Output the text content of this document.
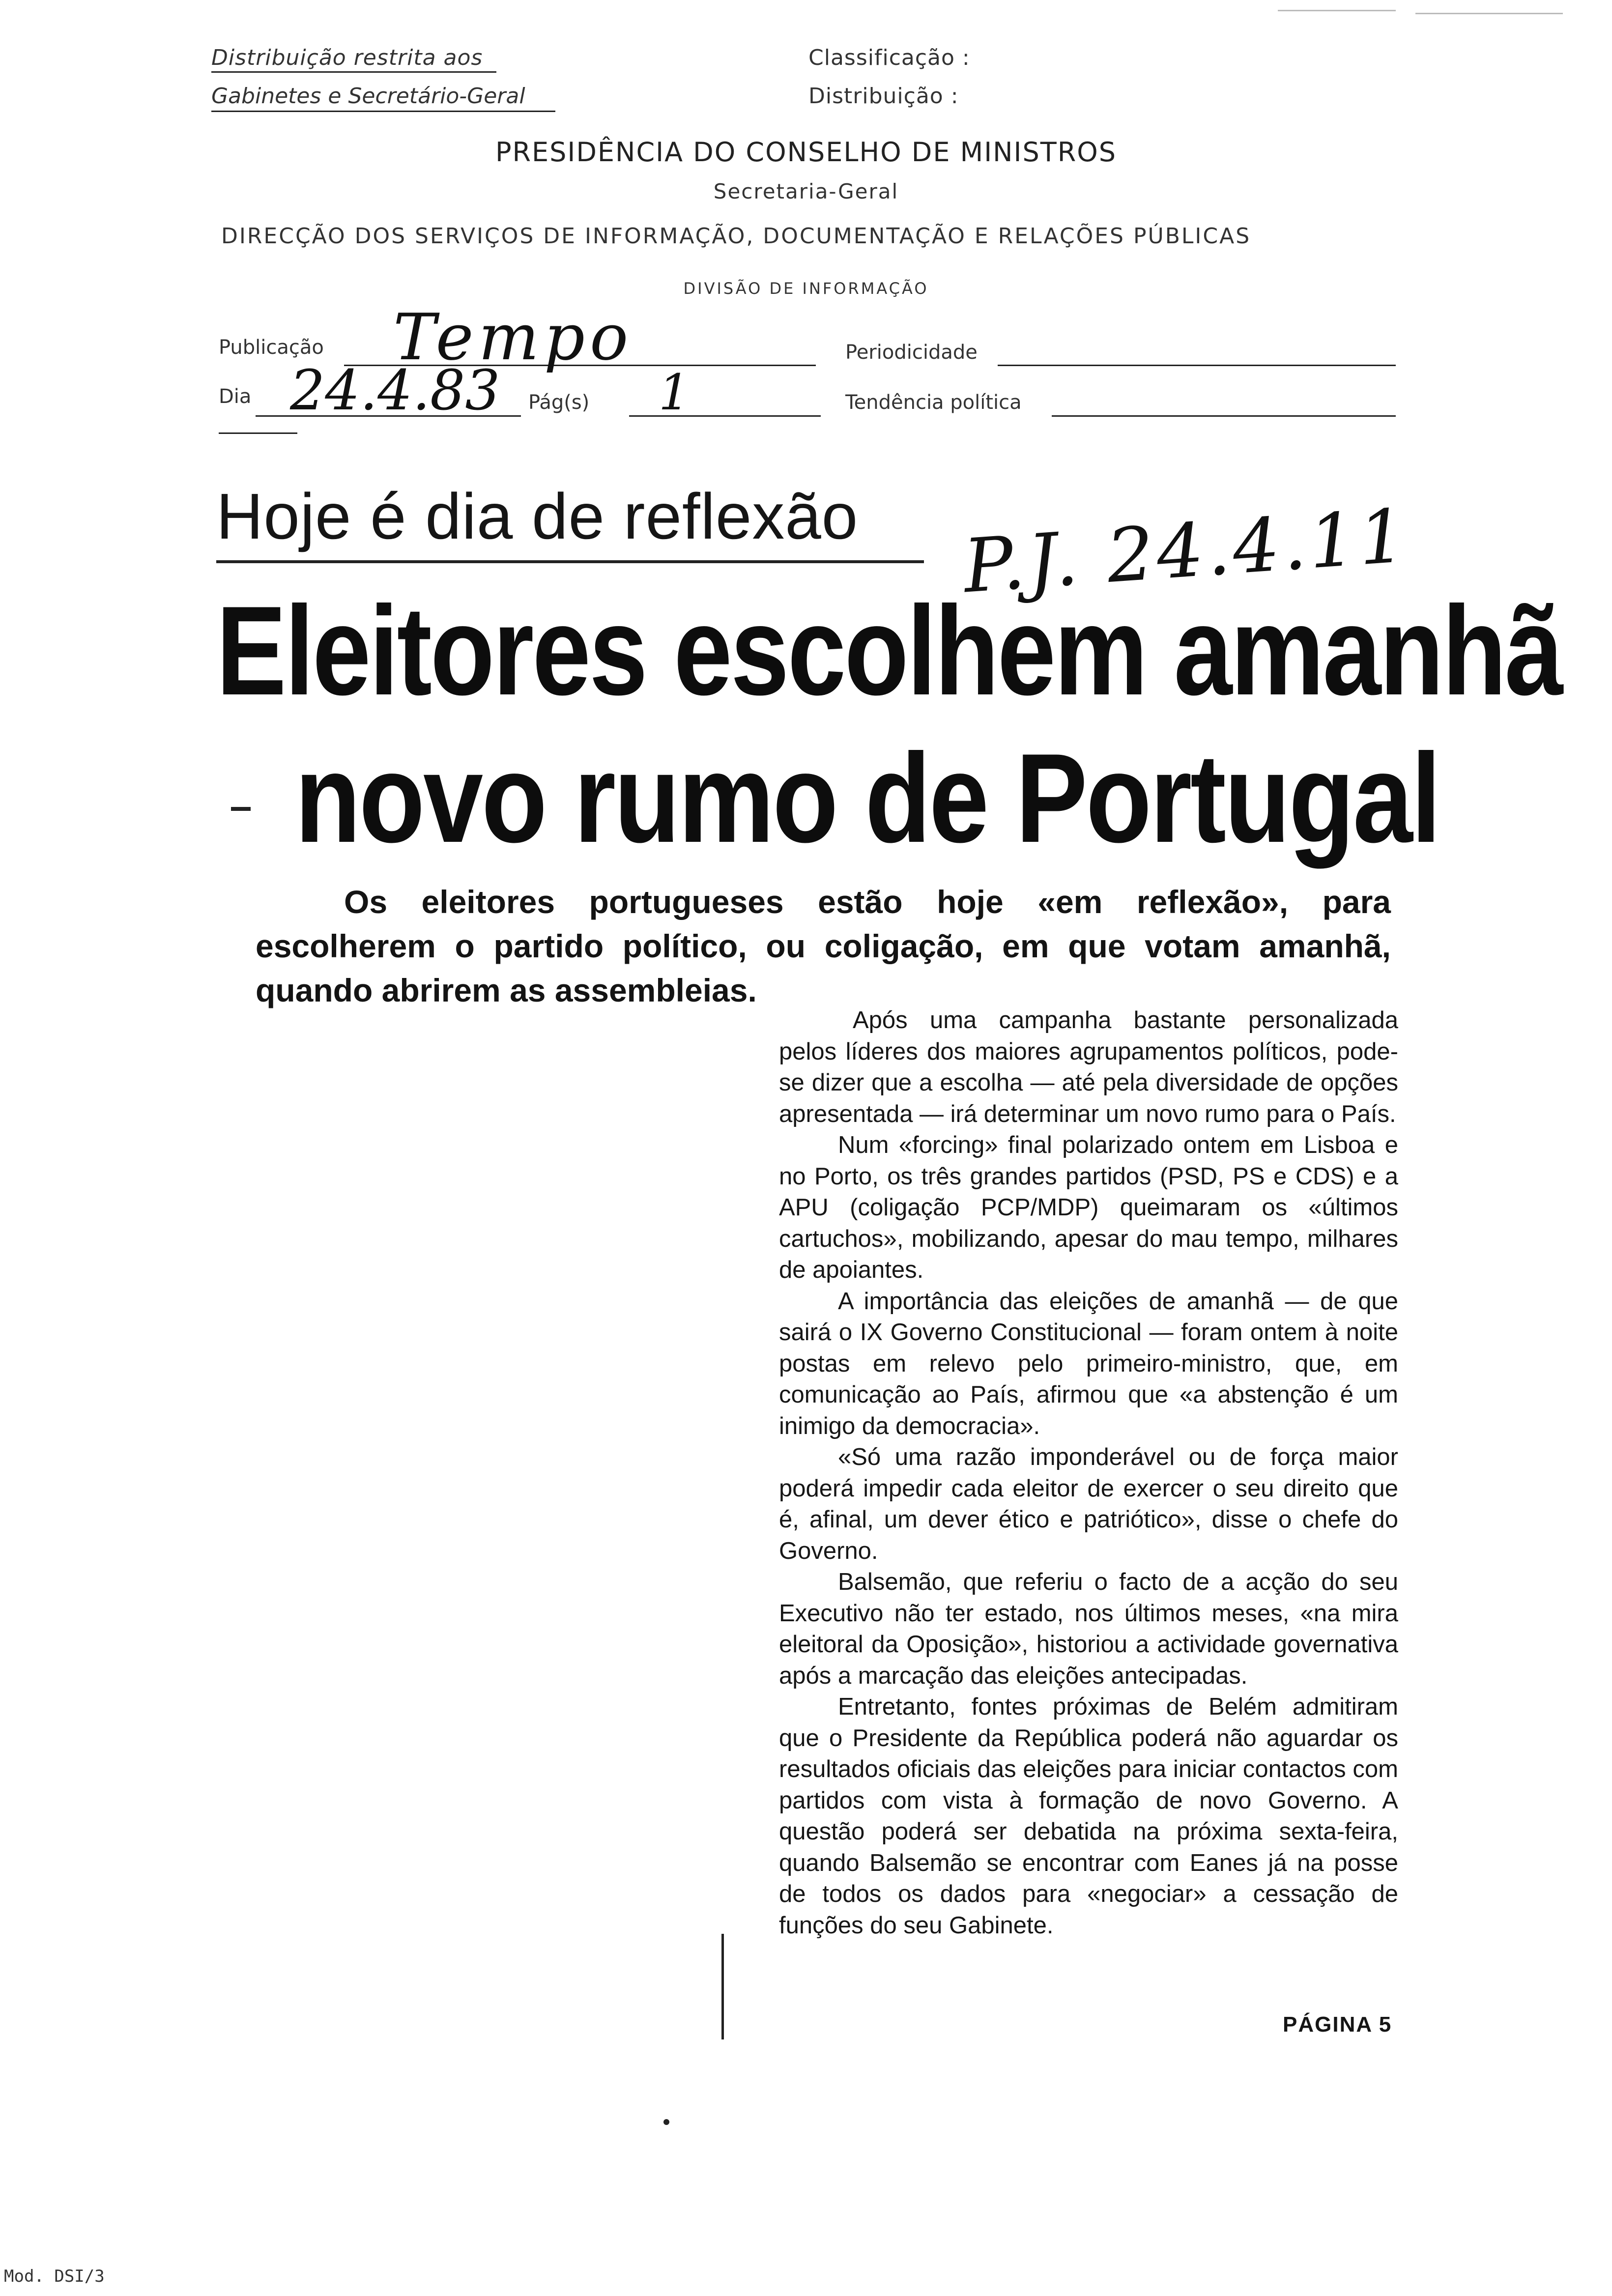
Distribuição restrita aos
Gabinetes e Secretário-Geral
Classificação :
Distribuição :
PRESIDÊNCIA DO CONSELHO DE MINISTROS
Secretaria-Geral
DIRECÇÃO DOS SERVIÇOS DE INFORMAÇÃO, DOCUMENTAÇÃO E RELAÇÕES PÚBLICAS
DIVISÃO DE INFORMAÇÃO
Publicação Tempo	Periodicidade
Dia 24.4.83 Pág(s) 1	Tendência política
Hoje é dia de reflexão P.J. 24.4.11
Eleitores escolhem amanhã
novo rumo de Portugal
Os eleitores portugueses estão hoje «em reflexão», para
escolherem o partido político, ou coligação, em que votam amanhã,
quando abrirem as assembleias.

Após uma campanha bastante personalizada pelos líderes dos maiores agrupamentos políticos, pode-se dizer que a escolha — até pela diversidade de opções apresentada — irá determinar um novo rumo para o País.

Num «forcing» final polarizado ontem em Lisboa e no Porto, os três grandes partidos (PSD, PS e CDS) e a APU (coligação PCP/MDP) queimaram os «últimos cartuchos», mobilizando, apesar do mau tempo, milhares de apoiantes.

A importância das eleições de amanhã — de que sairá o IX Governo Constitucional — foram ontem à noite postas em relevo pelo primeiro-ministro, que, em comunicação ao País, afirmou que «a abstenção é um inimigo da democracia».

«Só uma razão imponderável ou de força maior poderá impedir cada eleitor de exercer o seu direito que é, afinal, um dever ético e patriótico», disse o chefe do Governo.

Balsemão, que referiu o facto de a acção do seu Executivo não ter estado, nos últimos meses, «na mira eleitoral da Oposição», historiou a actividade governativa após a marcação das eleições antecipadas.

Entretanto, fontes próximas de Belém admitiram que o Presidente da República poderá não aguardar os resultados oficiais das eleições para iniciar contactos com partidos com vista à formação de novo Governo. A questão poderá ser debatida na próxima sexta-feira, quando Balsemão se encontrar com Eanes já na posse de todos os dados para «negociar» a cessação de funções do seu Gabinete.

PÁGINA 5
Mod. DSI/3
